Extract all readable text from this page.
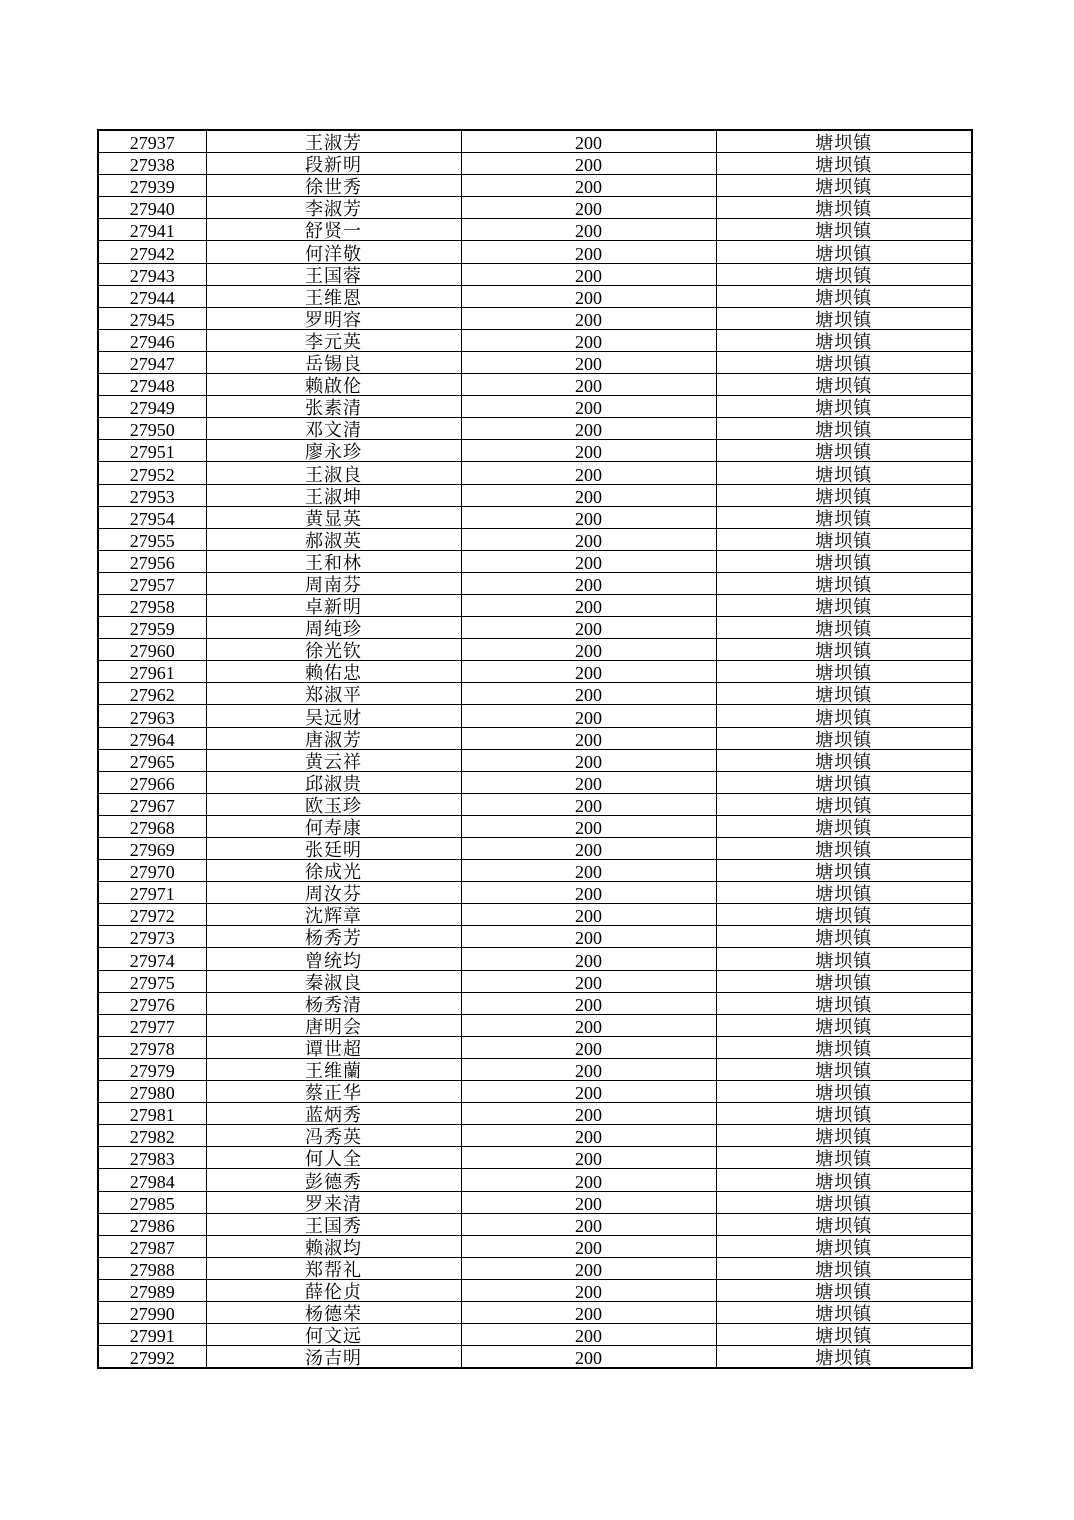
27937	王淑芳	200	塘坝镇
27938	段新明	200	塘坝镇
27939	徐世秀	200	塘坝镇
27940	李淑芳	200	塘坝镇
27941	舒贤一	200	塘坝镇
27942	何洋敬	200	塘坝镇
27943	王国蓉	200	塘坝镇
27944	王维恩	200	塘坝镇
27945	罗明容	200	塘坝镇
27946	李元英	200	塘坝镇
27947	岳锡良	200	塘坝镇
27948	赖啟伦	200	塘坝镇
27949	张素清	200	塘坝镇
27950	邓文清	200	塘坝镇
27951	廖永珍	200	塘坝镇
27952	王淑良	200	塘坝镇
27953	王淑坤	200	塘坝镇
27954	黄显英	200	塘坝镇
27955	郝淑英	200	塘坝镇
27956	王和林	200	塘坝镇
27957	周南芬	200	塘坝镇
27958	卓新明	200	塘坝镇
27959	周纯珍	200	塘坝镇
27960	徐光钦	200	塘坝镇
27961	赖佑忠	200	塘坝镇
27962	郑淑平	200	塘坝镇
27963	吴远财	200	塘坝镇
27964	唐淑芳	200	塘坝镇
27965	黄云祥	200	塘坝镇
27966	邱淑贵	200	塘坝镇
27967	欧玉珍	200	塘坝镇
27968	何寿康	200	塘坝镇
27969	张廷明	200	塘坝镇
27970	徐成光	200	塘坝镇
27971	周汝芬	200	塘坝镇
27972	沈辉章	200	塘坝镇
27973	杨秀芳	200	塘坝镇
27974	曾统均	200	塘坝镇
27975	秦淑良	200	塘坝镇
27976	杨秀清	200	塘坝镇
27977	唐明会	200	塘坝镇
27978	谭世超	200	塘坝镇
27979	王维蘭	200	塘坝镇
27980	蔡正华	200	塘坝镇
27981	蓝炳秀	200	塘坝镇
27982	冯秀英	200	塘坝镇
27983	何人全	200	塘坝镇
27984	彭德秀	200	塘坝镇
27985	罗来清	200	塘坝镇
27986	王国秀	200	塘坝镇
27987	赖淑均	200	塘坝镇
27988	郑帮礼	200	塘坝镇
27989	薛伦贞	200	塘坝镇
27990	杨德荣	200	塘坝镇
27991	何文远	200	塘坝镇
27992	汤吉明	200	塘坝镇
